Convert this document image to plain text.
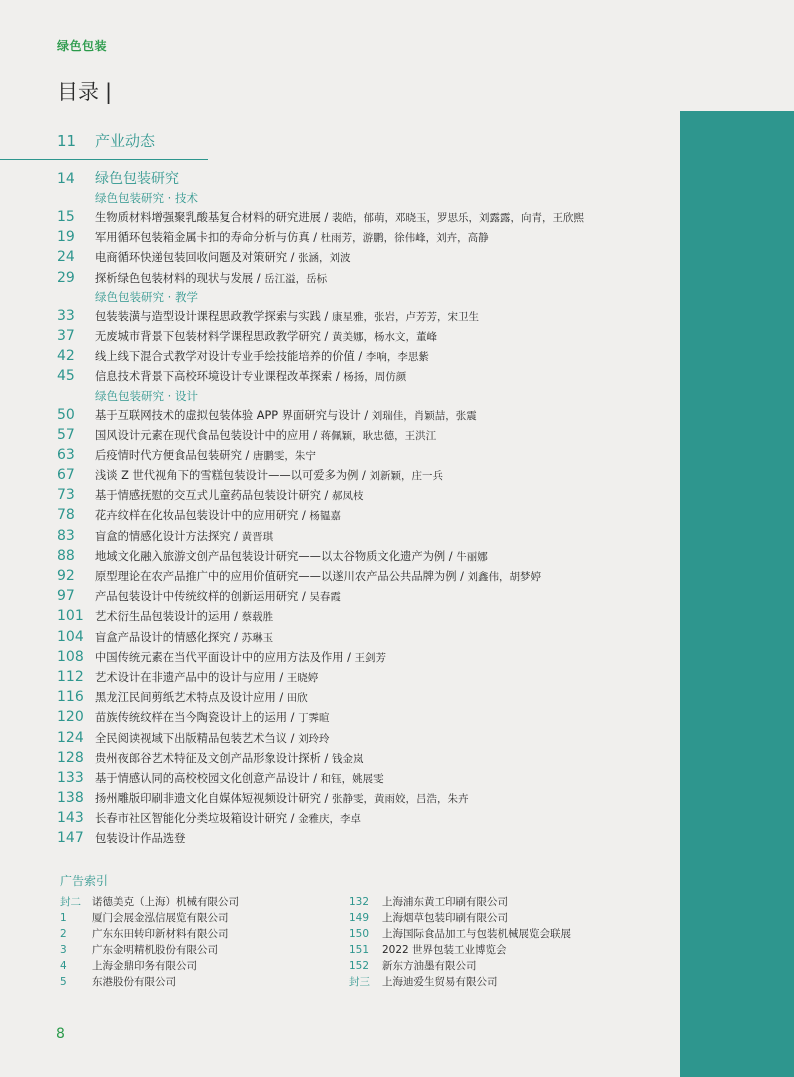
绿色包装
目录 |
11 产业动态
14 绿色包装研究
绿色包装研究 · 技术
15 生物质材料增强聚乳酸基复合材料的研究进展 / 裴皓，郁萌，邓晓玉，罗思乐，刘露露，向青，王欣熙
19 军用循环包装箱金属卡扣的寿命分析与仿真 / 杜雨芳，游鹏，徐伟峰，刘卉，高静
24 电商循环快递包装回收问题及对策研究 / 张涵，刘波
29 探析绿色包装材料的现状与发展 / 岳江溢，岳标
绿色包装研究 · 教学
33 包装装潢与造型设计课程思政教学探索与实践 / 康星雅，张岩，卢芳芳，宋卫生
37 无废城市背景下包装材料学课程思政教学研究 / 黄美娜，杨水文，董峰
42 线上线下混合式教学对设计专业手绘技能培养的价值 / 李响，李思紫
45 信息技术背景下高校环境设计专业课程改革探索 / 杨扬，周仿颜
绿色包装研究 · 设计
50 基于互联网技术的虚拟包装体验 APP 界面研究与设计 / 刘瑞佳，肖颖喆，张震
57 国风设计元素在现代食品包装设计中的应用 / 蒋佩颖，耿忠德，王洪江
63 后疫情时代方便食品包装研究 / 唐鹏雯，朱宁
67 浅谈 Z 世代视角下的雪糕包装设计——以可爱多为例 / 刘新颖，庄一兵
73 基于情感抚慰的交互式儿童药品包装设计研究 / 郝凤枝
78 花卉纹样在化妆品包装设计中的应用研究 / 杨韫嘉
83 盲盒的情感化设计方法探究 / 黄晋琪
88 地域文化融入旅游文创产品包装设计研究——以太谷物质文化遗产为例 / 牛丽娜
92 原型理论在农产品推广中的应用价值研究——以遂川农产品公共品牌为例 / 刘鑫伟，胡梦婷
97 产品包装设计中传统纹样的创新运用研究 / 吴春霞
101 艺术衍生品包装设计的运用 / 蔡载胜
104 盲盒产品设计的情感化探究 / 苏琳玉
108 中国传统元素在当代平面设计中的应用方法及作用 / 王剑芳
112 艺术设计在非遗产品中的设计与应用 / 王晓婷
116 黑龙江民间剪纸艺术特点及设计应用 / 田欣
120 苗族传统纹样在当今陶瓷设计上的运用 / 丁霁暄
124 全民阅读视域下出版精品包装艺术刍议 / 刘玲玲
128 贵州夜郎谷艺术特征及文创产品形象设计探析 / 钱金岚
133 基于情感认同的高校校园文化创意产品设计 / 和钰，姚展雯
138 扬州雕版印刷非遗文化自媒体短视频设计研究 / 张静雯，黄雨姣，吕浩，朱卉
143 长春市社区智能化分类垃圾箱设计研究 / 金雅庆，李卓
147 包装设计作品选登
广告索引
封二 诺德美克（上海）机械有限公司
1 厦门会展金泓信展览有限公司
2 广东东田转印新材料有限公司
3 广东金明精机股份有限公司
4 上海金鼎印务有限公司
5 东港股份有限公司
132 上海浦东黄工印刷有限公司
149 上海烟草包装印刷有限公司
150 上海国际食品加工与包装机械展览会联展
151 2022 世界包装工业博览会
152 新东方油墨有限公司
封三 上海迪爱生贸易有限公司
8
